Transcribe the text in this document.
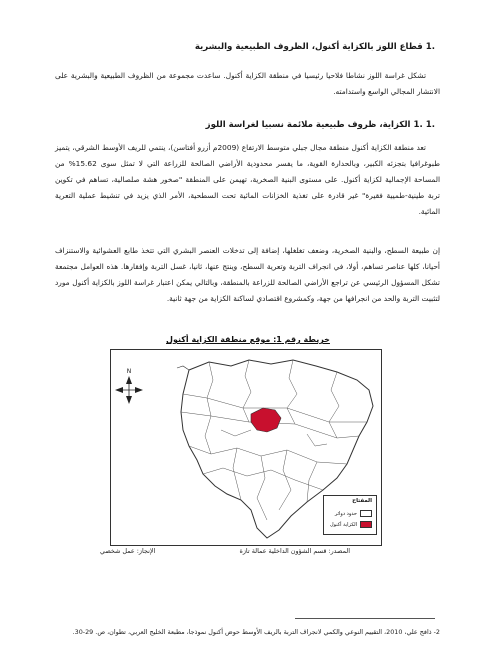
.1 قطاع اللوز بالكزاية أكنول، الظروف الطبيعية والبشرية

تشكل غراسة اللوز نشاطا فلاحيا رئيسيا في منطقة الكزاية أكنول. ساعدت مجموعة من الظروف الطبيعية والبشرية على الانتشار المجالي الواسع واستدامته.

.1 .1 الكزاية، ظروف طبيعية ملائمة نسبيا لغراسة اللوز

تعد منطقة الكزاية أكنول منطقة مجال جبلي متوسط الارتفاع (2009م أزرو أفتاسن)، ينتمي للريف الأوسط الشرقي، يتميز طبوغرافيا بتجزئه الكبير، وبالحدارة القوية، ما يفسر محدودية الأراضي الصالحة للزراعة التي لا تمثل سوى 15.62% من المساحة الإجمالية لكزاية أكنول. على مستوى البنية الصخرية، تهيمن على المنطقة "صخور هشة صلصالية، تساهم في تكوين تربة طينية-طميية فقيرة" غير قادرة على تغذية الخزانات المائية تحت السطحية، الأمر الذي يزيد في تنشيط عملية التعرية المائية.

إن طبيعة السطح، والبنية الصخرية، وضعف تغلغلها، إضافة إلى تدخلات العنصر البشري التي تتخذ طابع العشوائية والاستنزاف أحيانا، كلها عناصر تساهم، أولا، في انجراف التربة وتعرية السطح، وينتج عنها، ثانيا، غسل التربة وإفقارها. هذه العوامل مجتمعة تشكل المسؤول الرئيسي عن تراجع الأراضي الصالحة للزراعة بالمنطقة، وبالتالي يمكن اعتبار غراسة اللوز بالكزاية أكنول مورد لتثبيت التربة والحد من انجرافها من جهة، وكمشروع اقتصادي لساكنة الكزاية من جهة ثانية.

خريطة رقم 1: موقع منطقة الكزاية أكنول
N
المفتاح
حدود دوائر
الكزاية أكنول
المصدر: قسم الشؤون الداخلية عمالة تازة
الإنجاز: عمل شخصي
2- ذافج علي، 2010، التقييم النوعي والكمي لانجراف التربة بالريف الأوسط حوض أكنول نموذجا، مطبعة الخليج العربي، تطوان، ص. 29-30.
